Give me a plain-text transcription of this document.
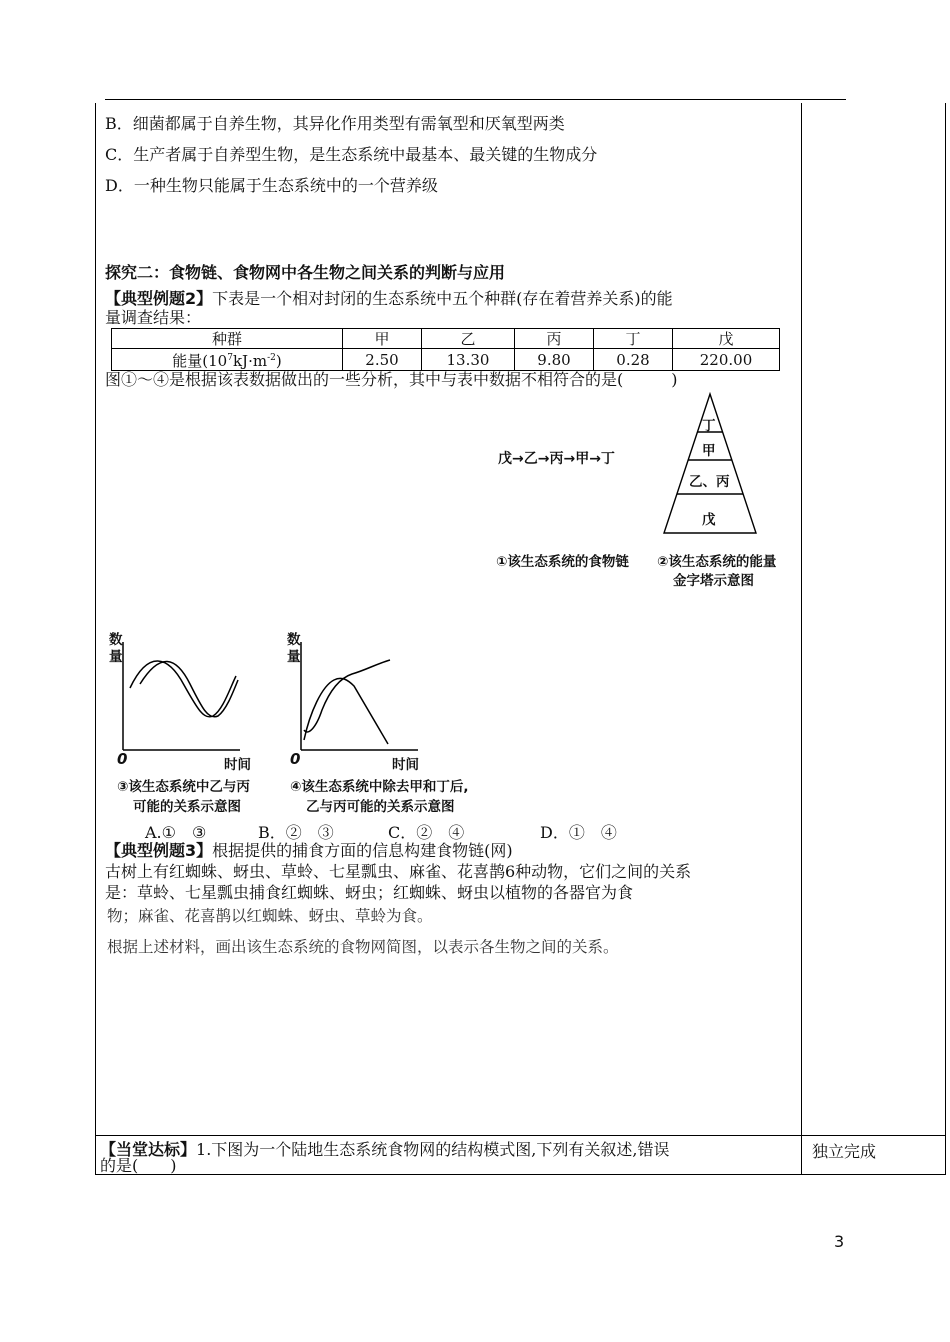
B．细菌都属于自养生物，其异化作用类型有需氧型和厌氧型两类
C．生产者属于自养型生物，是生态系统中最基本、最关键的生物成分
D．一种生物只能属于生态系统中的一个营养级
探究二：食物链、食物网中各生物之间关系的判断与应用
【典型例题2】下表是一个相对封闭的生态系统中五个种群(存在着营养关系)的能
量调查结果：
种群	甲	乙	丙	丁	戊
能量$(10^7kJ\cdot m^{-2})$	2.50	13.30	9.80	0.28	220.00
图①～④是根据该表数据做出的一些分析，其中与表中数据不相符合的是(　　　)
戊→乙→丙→甲→丁
①该生态系统的食物链
丁
甲
乙、丙
戊
②该生态系统的能量
金字塔示意图
数
量
0	时间
③该生态系统中乙与丙
可能的关系示意图
数
量
0	时间
④该生态系统中除去甲和丁后,
乙与丙可能的关系示意图
A.①　③	B．②　③	C．②　④	D．①　④
【典型例题3】根据提供的捕食方面的信息构建食物链(网)
古树上有红蜘蛛、蚜虫、草蛉、七星瓢虫、麻雀、花喜鹊6种动物，它们之间的关系
是：草蛉、七星瓢虫捕食红蜘蛛、蚜虫；红蜘蛛、蚜虫以植物的各器官为食
物；麻雀、花喜鹊以红蜘蛛、蚜虫、草蛉为食。
根据上述材料，画出该生态系统的食物网简图，以表示各生物之间的关系。
【当堂达标】1.下图为一个陆地生态系统食物网的结构模式图,下列有关叙述,错误
的是(　　)
独立完成
3
